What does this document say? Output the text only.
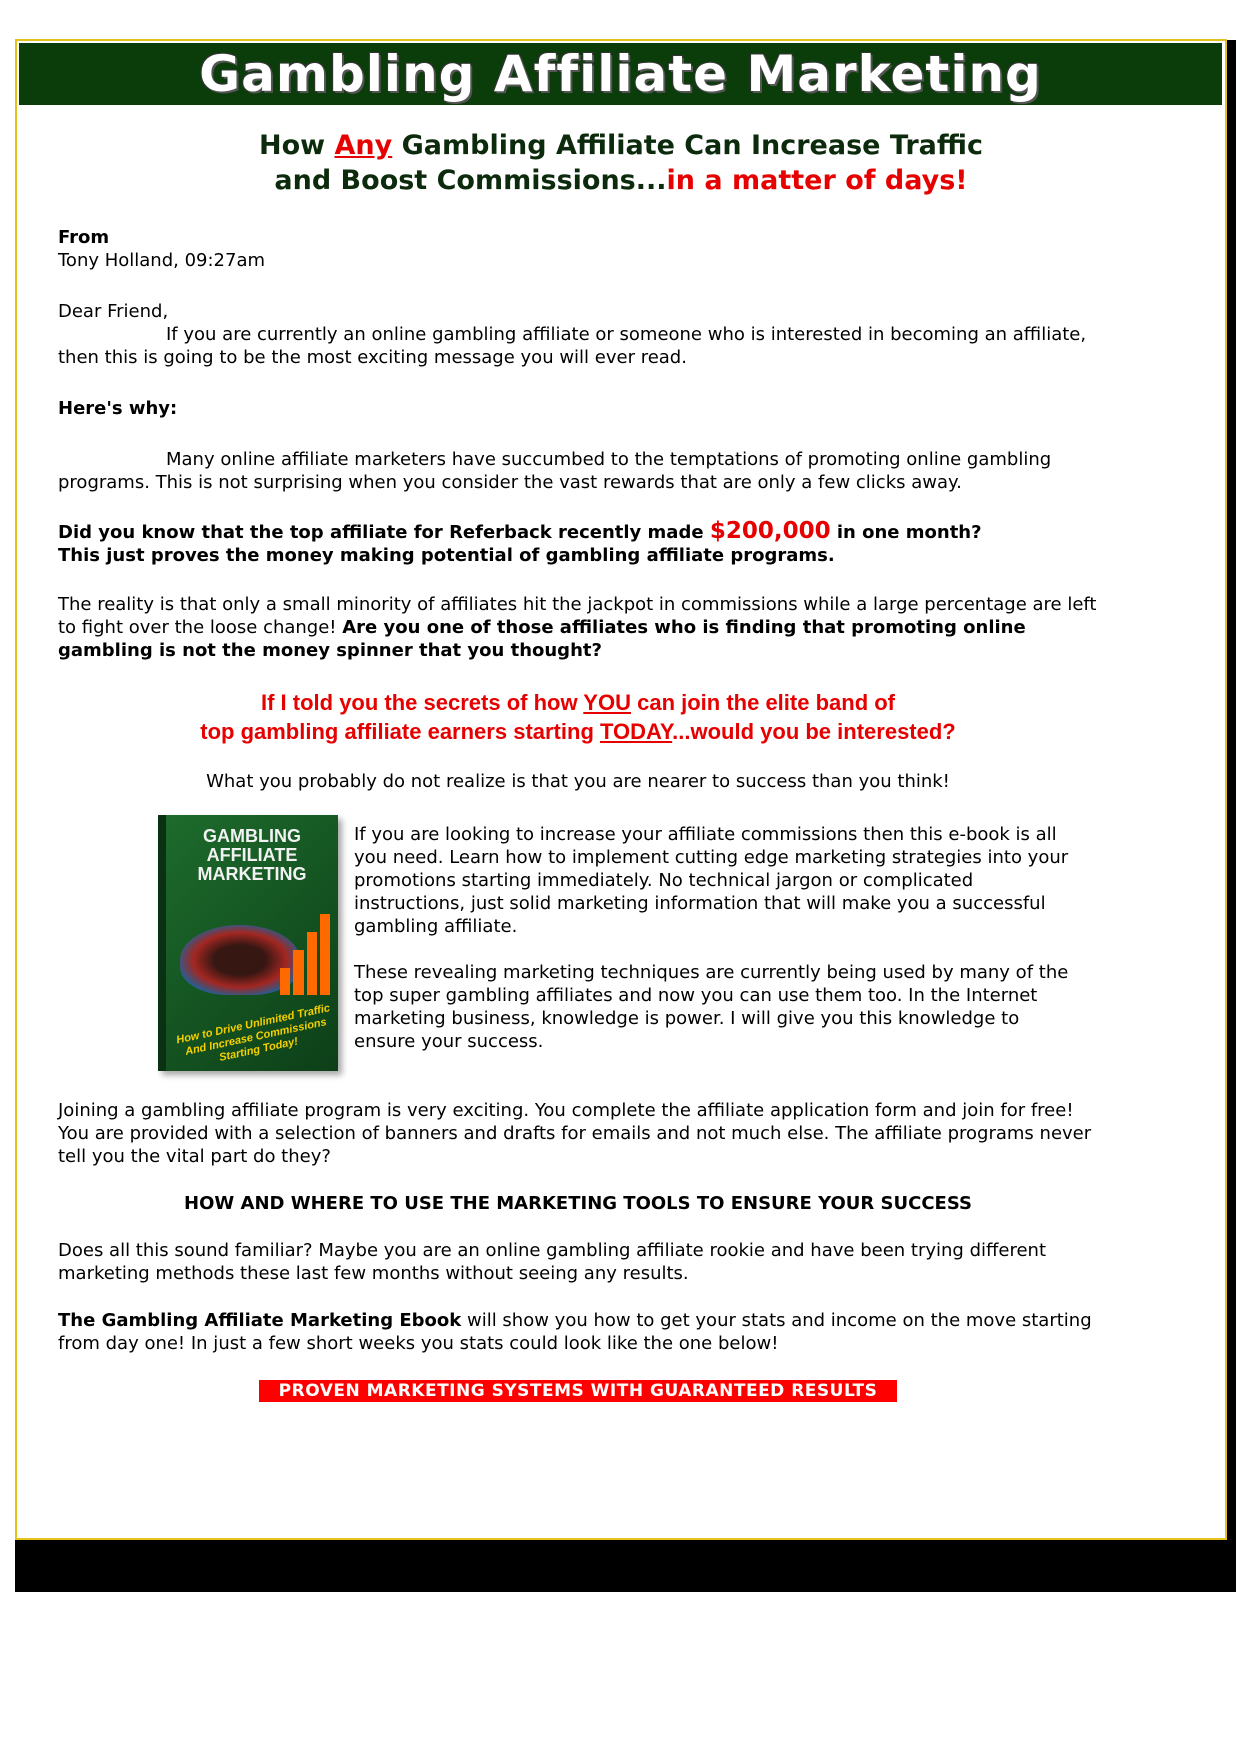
Gambling Affiliate Marketing
How Any Gambling Affiliate Can Increase Traffic
and Boost Commissions...in a matter of days!

From

Tony Holland, 09:27am

Dear Friend,

If you are currently an online gambling affiliate or someone who is interested in becoming an affiliate, then this is going to be the most exciting message you will ever read.

Here's why:

Many online affiliate marketers have succumbed to the temptations of promoting online gambling programs. This is not surprising when you consider the vast rewards that are only a few clicks away.

Did you know that the top affiliate for Referback recently made $200,000 in one month?
This just proves the money making potential of gambling affiliate programs.

The reality is that only a small minority of affiliates hit the jackpot in commissions while a large percentage are left to fight over the loose change! Are you one of those affiliates who is finding that promoting online gambling is not the money spinner that you thought?

If I told you the secrets of how YOU can join the elite band of
top gambling affiliate earners starting TODAY...would you be interested?

What you probably do not realize is that you are nearer to success than you think!

GAMBLING AFFILIATE MARKETING
How to Drive Unlimited Traffic And Increase Commissions Starting Today!

If you are looking to increase your affiliate commissions then this e-book is all you need. Learn how to implement cutting edge marketing strategies into your promotions starting immediately. No technical jargon or complicated instructions, just solid marketing information that will make you a successful gambling affiliate.

These revealing marketing techniques are currently being used by many of the top super gambling affiliates and now you can use them too. In the Internet marketing business, knowledge is power. I will give you this knowledge to ensure your success.

Joining a gambling affiliate program is very exciting. You complete the affiliate application form and join for free! You are provided with a selection of banners and drafts for emails and not much else. The affiliate programs never tell you the vital part do they?

HOW AND WHERE TO USE THE MARKETING TOOLS TO ENSURE YOUR SUCCESS

Does all this sound familiar? Maybe you are an online gambling affiliate rookie and have been trying different marketing methods these last few months without seeing any results.

The Gambling Affiliate Marketing Ebook will show you how to get your stats and income on the move starting from day one! In just a few short weeks you stats could look like the one below!

PROVEN MARKETING SYSTEMS WITH GUARANTEED RESULTS
